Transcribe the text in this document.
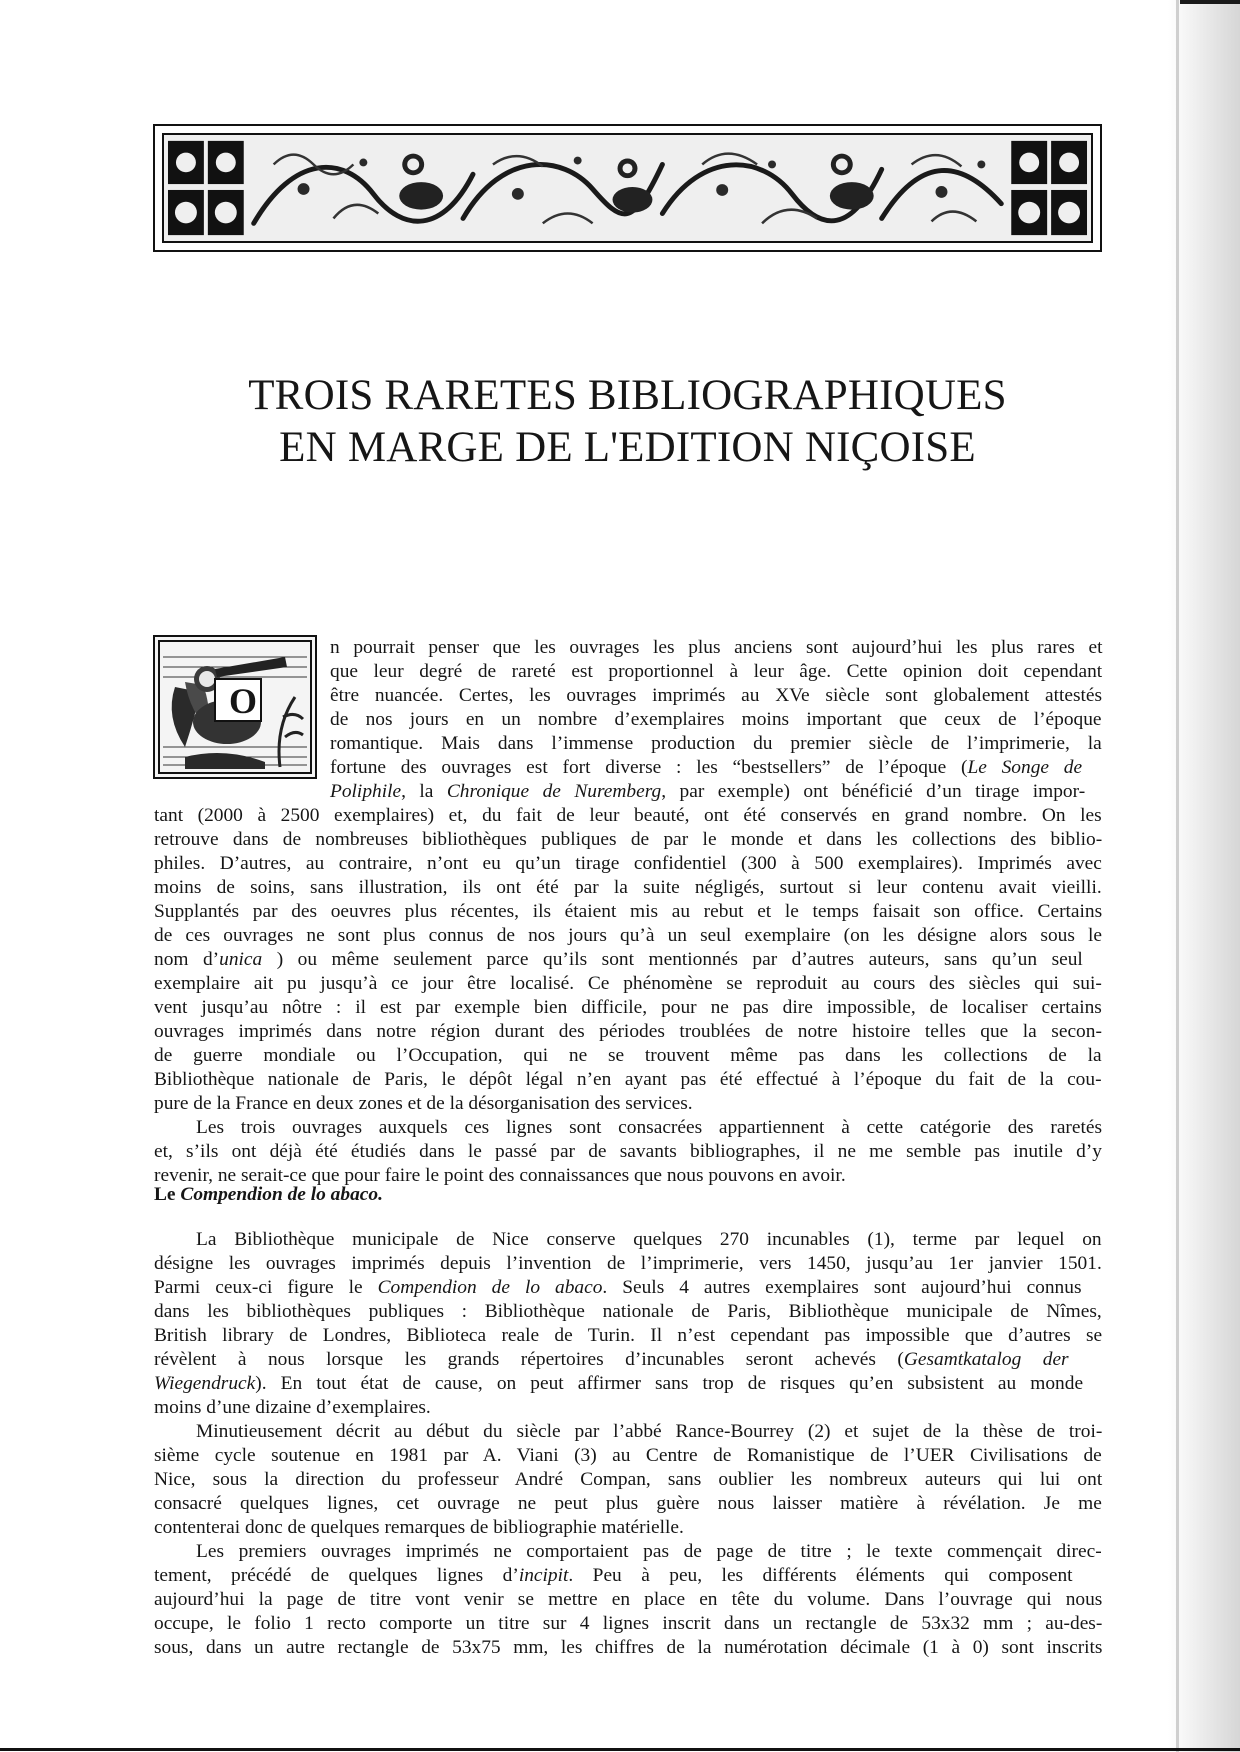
TROIS RARETES BIBLIOGRAPHIQUES
EN MARGE DE L'EDITION NIÇOISE
O
n pourrait penser que les ouvrages les plus anciens sont aujourd’hui les plus rares et
que leur degré de rareté est proportionnel à leur âge. Cette opinion doit cependant
être nuancée. Certes, les ouvrages imprimés au XVe siècle sont globalement attestés
de nos jours en un nombre d’exemplaires moins important que ceux de l’époque
romantique. Mais dans l’immense production du premier siècle de l’imprimerie, la
fortune des ouvrages est fort diverse : les “bestsellers” de l’époque (Le Songe de
Poliphile, la Chronique de Nuremberg, par exemple) ont bénéficié d’un tirage impor-
tant (2000 à 2500 exemplaires) et, du fait de leur beauté, ont été conservés en grand nombre. On les
retrouve dans de nombreuses bibliothèques publiques de par le monde et dans les collections des biblio-
philes. D’autres, au contraire, n’ont eu qu’un tirage confidentiel (300 à 500 exemplaires). Imprimés avec
moins de soins, sans illustration, ils ont été par la suite négligés, surtout si leur contenu avait vieilli.
Supplantés par des oeuvres plus récentes, ils étaient mis au rebut et le temps faisait son office. Certains
de ces ouvrages ne sont plus connus de nos jours qu’à un seul exemplaire (on les désigne alors sous le
nom d’unica ) ou même seulement parce qu’ils sont mentionnés par d’autres auteurs, sans qu’un seul
exemplaire ait pu jusqu’à ce jour être localisé. Ce phénomène se reproduit au cours des siècles qui sui-
vent jusqu’au nôtre : il est par exemple bien difficile, pour ne pas dire impossible, de localiser certains
ouvrages imprimés dans notre région durant des périodes troublées de notre histoire telles que la secon-
de guerre mondiale ou l’Occupation, qui ne se trouvent même pas dans les collections de la
Bibliothèque nationale de Paris, le dépôt légal n’en ayant pas été effectué à l’époque du fait de la cou-
pure de la France en deux zones et de la désorganisation des services.
Les trois ouvrages auxquels ces lignes sont consacrées appartiennent à cette catégorie des raretés
et, s’ils ont déjà été étudiés dans le passé par de savants bibliographes, il ne me semble pas inutile d’y
revenir, ne serait-ce que pour faire le point des connaissances que nous pouvons en avoir.
Le Compendion de lo abaco.
La Bibliothèque municipale de Nice conserve quelques 270 incunables (1), terme par lequel on
désigne les ouvrages imprimés depuis l’invention de l’imprimerie, vers 1450, jusqu’au 1er janvier 1501.
Parmi ceux-ci figure le Compendion de lo abaco. Seuls 4 autres exemplaires sont aujourd’hui connus
dans les bibliothèques publiques : Bibliothèque nationale de Paris, Bibliothèque municipale de Nîmes,
British library de Londres, Biblioteca reale de Turin. Il n’est cependant pas impossible que d’autres se
révèlent à nous lorsque les grands répertoires d’incunables seront achevés (Gesamtkatalog der
Wiegendruck). En tout état de cause, on peut affirmer sans trop de risques qu’en subsistent au monde
moins d’une dizaine d’exemplaires.
Minutieusement décrit au début du siècle par l’abbé Rance-Bourrey (2) et sujet de la thèse de troi-
sième cycle soutenue en 1981 par A. Viani (3) au Centre de Romanistique de l’UER Civilisations de
Nice, sous la direction du professeur André Compan, sans oublier les nombreux auteurs qui lui ont
consacré quelques lignes, cet ouvrage ne peut plus guère nous laisser matière à révélation. Je me
contenterai donc de quelques remarques de bibliographie matérielle.
Les premiers ouvrages imprimés ne comportaient pas de page de titre ; le texte commençait direc-
tement, précédé de quelques lignes d’incipit. Peu à peu, les différents éléments qui composent
aujourd’hui la page de titre vont venir se mettre en place en tête du volume. Dans l’ouvrage qui nous
occupe, le folio 1 recto comporte un titre sur 4 lignes inscrit dans un rectangle de 53x32 mm ; au-des-
sous, dans un autre rectangle de 53x75 mm, les chiffres de la numérotation décimale (1 à 0) sont inscrits
